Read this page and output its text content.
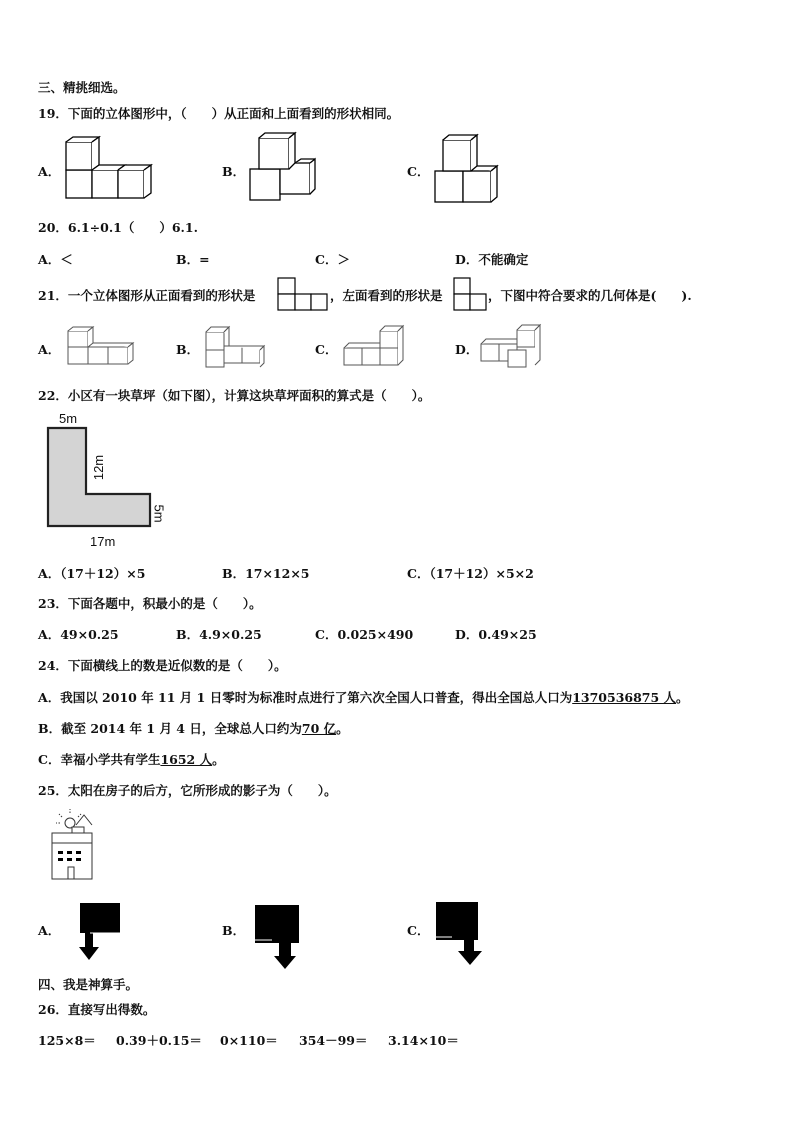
三、精挑细选。
19．下面的立体图形中，（　　）从正面和上面看到的形状相同。
A．	B．	C．
20．6.1÷0.1（　　）6.1.
A．＜	B．=	C．＞	D．不能确定
21．一个立体图形从正面看到的形状是	，左面看到的形状是	，下图中符合要求的几何体是(　　).
A．	B．	C．	D．
22．小区有一块草坪（如下图），计算这块草坪面积的算式是（　　）。
5m
12m
5m
17m
A．（17＋12）×5	B．17×12×5	C．（17＋12）×5×2
23．下面各题中，积最小的是（　　）。
A．49×0.25	B．4.9×0.25	C．0.025×490	D．0.49×25
24．下面横线上的数是近似数的是（　　）。
A．我国以 2010 年 11 月 1 日零时为标准时点进行了第六次全国人口普查，得出全国总人口为1370536875 人。
B．截至 2014 年 1 月 4 日，全球总人口约为70 亿。
C．幸福小学共有学生1652 人。
25．太阳在房子的后方，它所形成的影子为（　　）。
A．	B．	C．
四、我是神算手。
26．直接写出得数。
125×8＝ 0.39＋0.15＝ 0×110＝ 354－99＝ 3.14×10＝
